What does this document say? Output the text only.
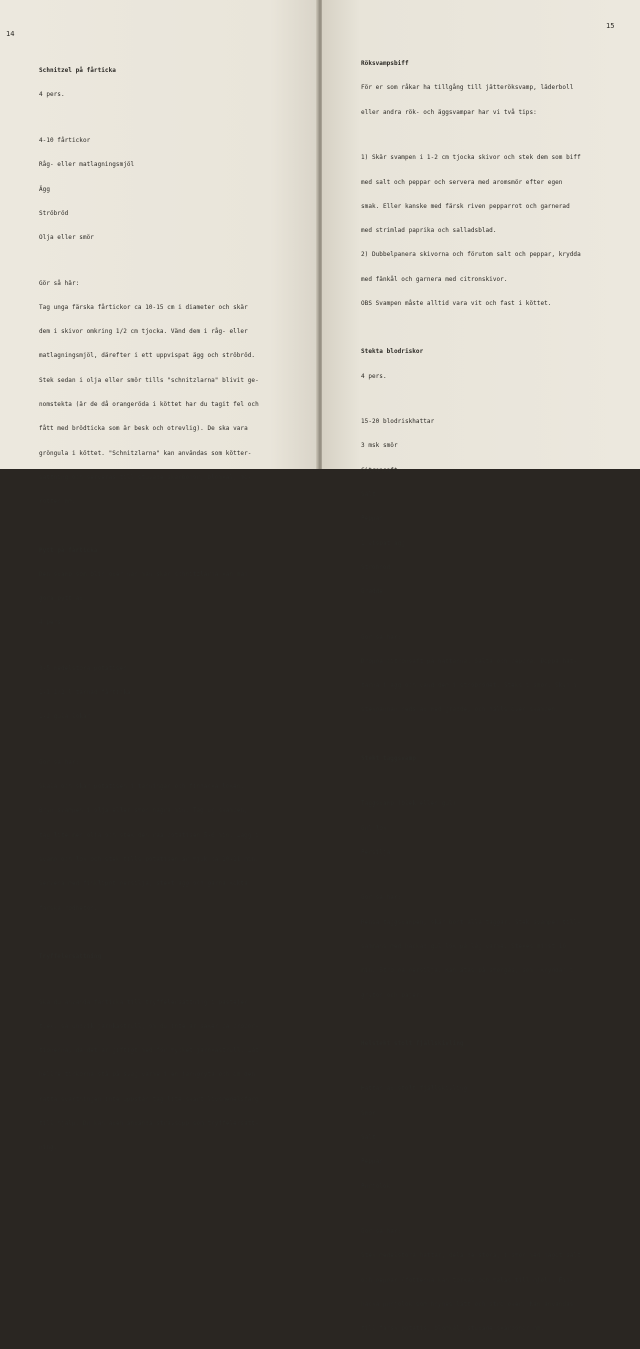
14

Schnitzel på fårticka

4 pers.

4-10 fårtickor

Råg- eller matlagningsmjöl

Ägg

Ströbröd

Olja eller smör

Gör så här:

Tag unga färska fårtickor ca 10-15 cm i diameter och skär

dem i skivor omkring 1/2 cm tjocka. Vänd dem i råg- eller

matlagningsmjöl, därefter i ett uppvispat ägg och ströbröd.

Stek sedan i olja eller smör tills "schnitzlarna" blivit ge-

nomstekta (är de då orangeröda i köttet har du tagit fel och

fått med brödticka som är besk och otrevlig). De ska vara

gröngula i köttet. "Schnitzlarna" kan användas som kötter-

sättning och serveras till stuvade skarbönor, blomkål, mo-

rötter mm.

Pytt på fårticka

Den svamp som blir över när man skär schnitzlarna kan man

göra pytt av

4 pers.

3-5 medelstora potatiser

1-1 1/2 l tärnad fårticka

1-2 gula lökar

Gör så här:

Skala och skär potatisen i tärningar och finhacka löken.

Bryn svampen i olja eller smör några min. Tag ur svampen,

tag lite mer olja och stek den råa potatisen 5-6 min. Lägg i

svamp och lök och stek tills potatisen är mjuk ca 10-11 min.

Servera med finklippt persilja, stekt ägg och gärna kokta

färska rödbetor.

Tryffelersättning

Ska du använda fårticka till tryffelersättning i pastejer

t.ex. så undvik järnkastrull, om du inte är säker på propor-

tionerna, då det är giftigt med för mycket järnkastrull. Låt

hellre tickorna stå på svag värme i en järngryta och om den

rätta svärtningen inte uppstår tag lite svart livsmedelsfärg

till hjälp. Du kan även använda strävsopp som tryffelersätt-

ning.

15

Röksvampsbiff

För er som råkar ha tillgång till jätteröksvamp, läderboll

eller andra rök- och äggsvampar har vi två tips:

1) Skär svampen i 1-2 cm tjocka skivor och stek dem som biff

med salt och peppar och servera med aromsmör efter egen

smak. Eller kanske med färsk riven pepparrot och garnerad

med strimlad paprika och salladsblad.

2) Dubbelpanera skivorna och förutom salt och peppar, krydda

med fänkål och garnera med citronskivor.

OBS Svampen måste alltid vara vit och fast i köttet.

Stekta blodriskor

4 pers.

15-20 blodriskhattar

3 msk smör

Citronsaft

Salt

Peppar

1 vispat ägg

Ströbröd

Grädde

Gör så här:

Droppa citronsaft på hattarna. Salta och peppra. Doppa hat-

tarna i ägg och vänd dem i ströbrödet. Steks i smör. Skyn i

stekpannan reds av med grädde, och hälls över svampen.

Stekt taggsvamp

Taggsvamp (blek eller gul)

Gul lök

Persilja

Gör så här:

Rensa taggsvampen, skär bort alla taggar. Stek svampen till-

sammans med hackad gul lök på låg värme. Stekes minst 10

min. Strö på persilja. Kan ätas på smörgås, som "krydda" i

grytor och pajer.

Helstekt stolt fjällskivling

Hattar av stolt fjällskivling

Smör

Salt

Peppar

Purjolök

Gör så här:

Stek medelstora hattar, dela de stora, i smör med något salt

och peppar (fötterna kan torkas och malas till mjöl). Fin-

hacka purjolök som brynes lätt och strö över. Kan användas

till färsk potatis, blomkål, stuvade skarbönor mm.
